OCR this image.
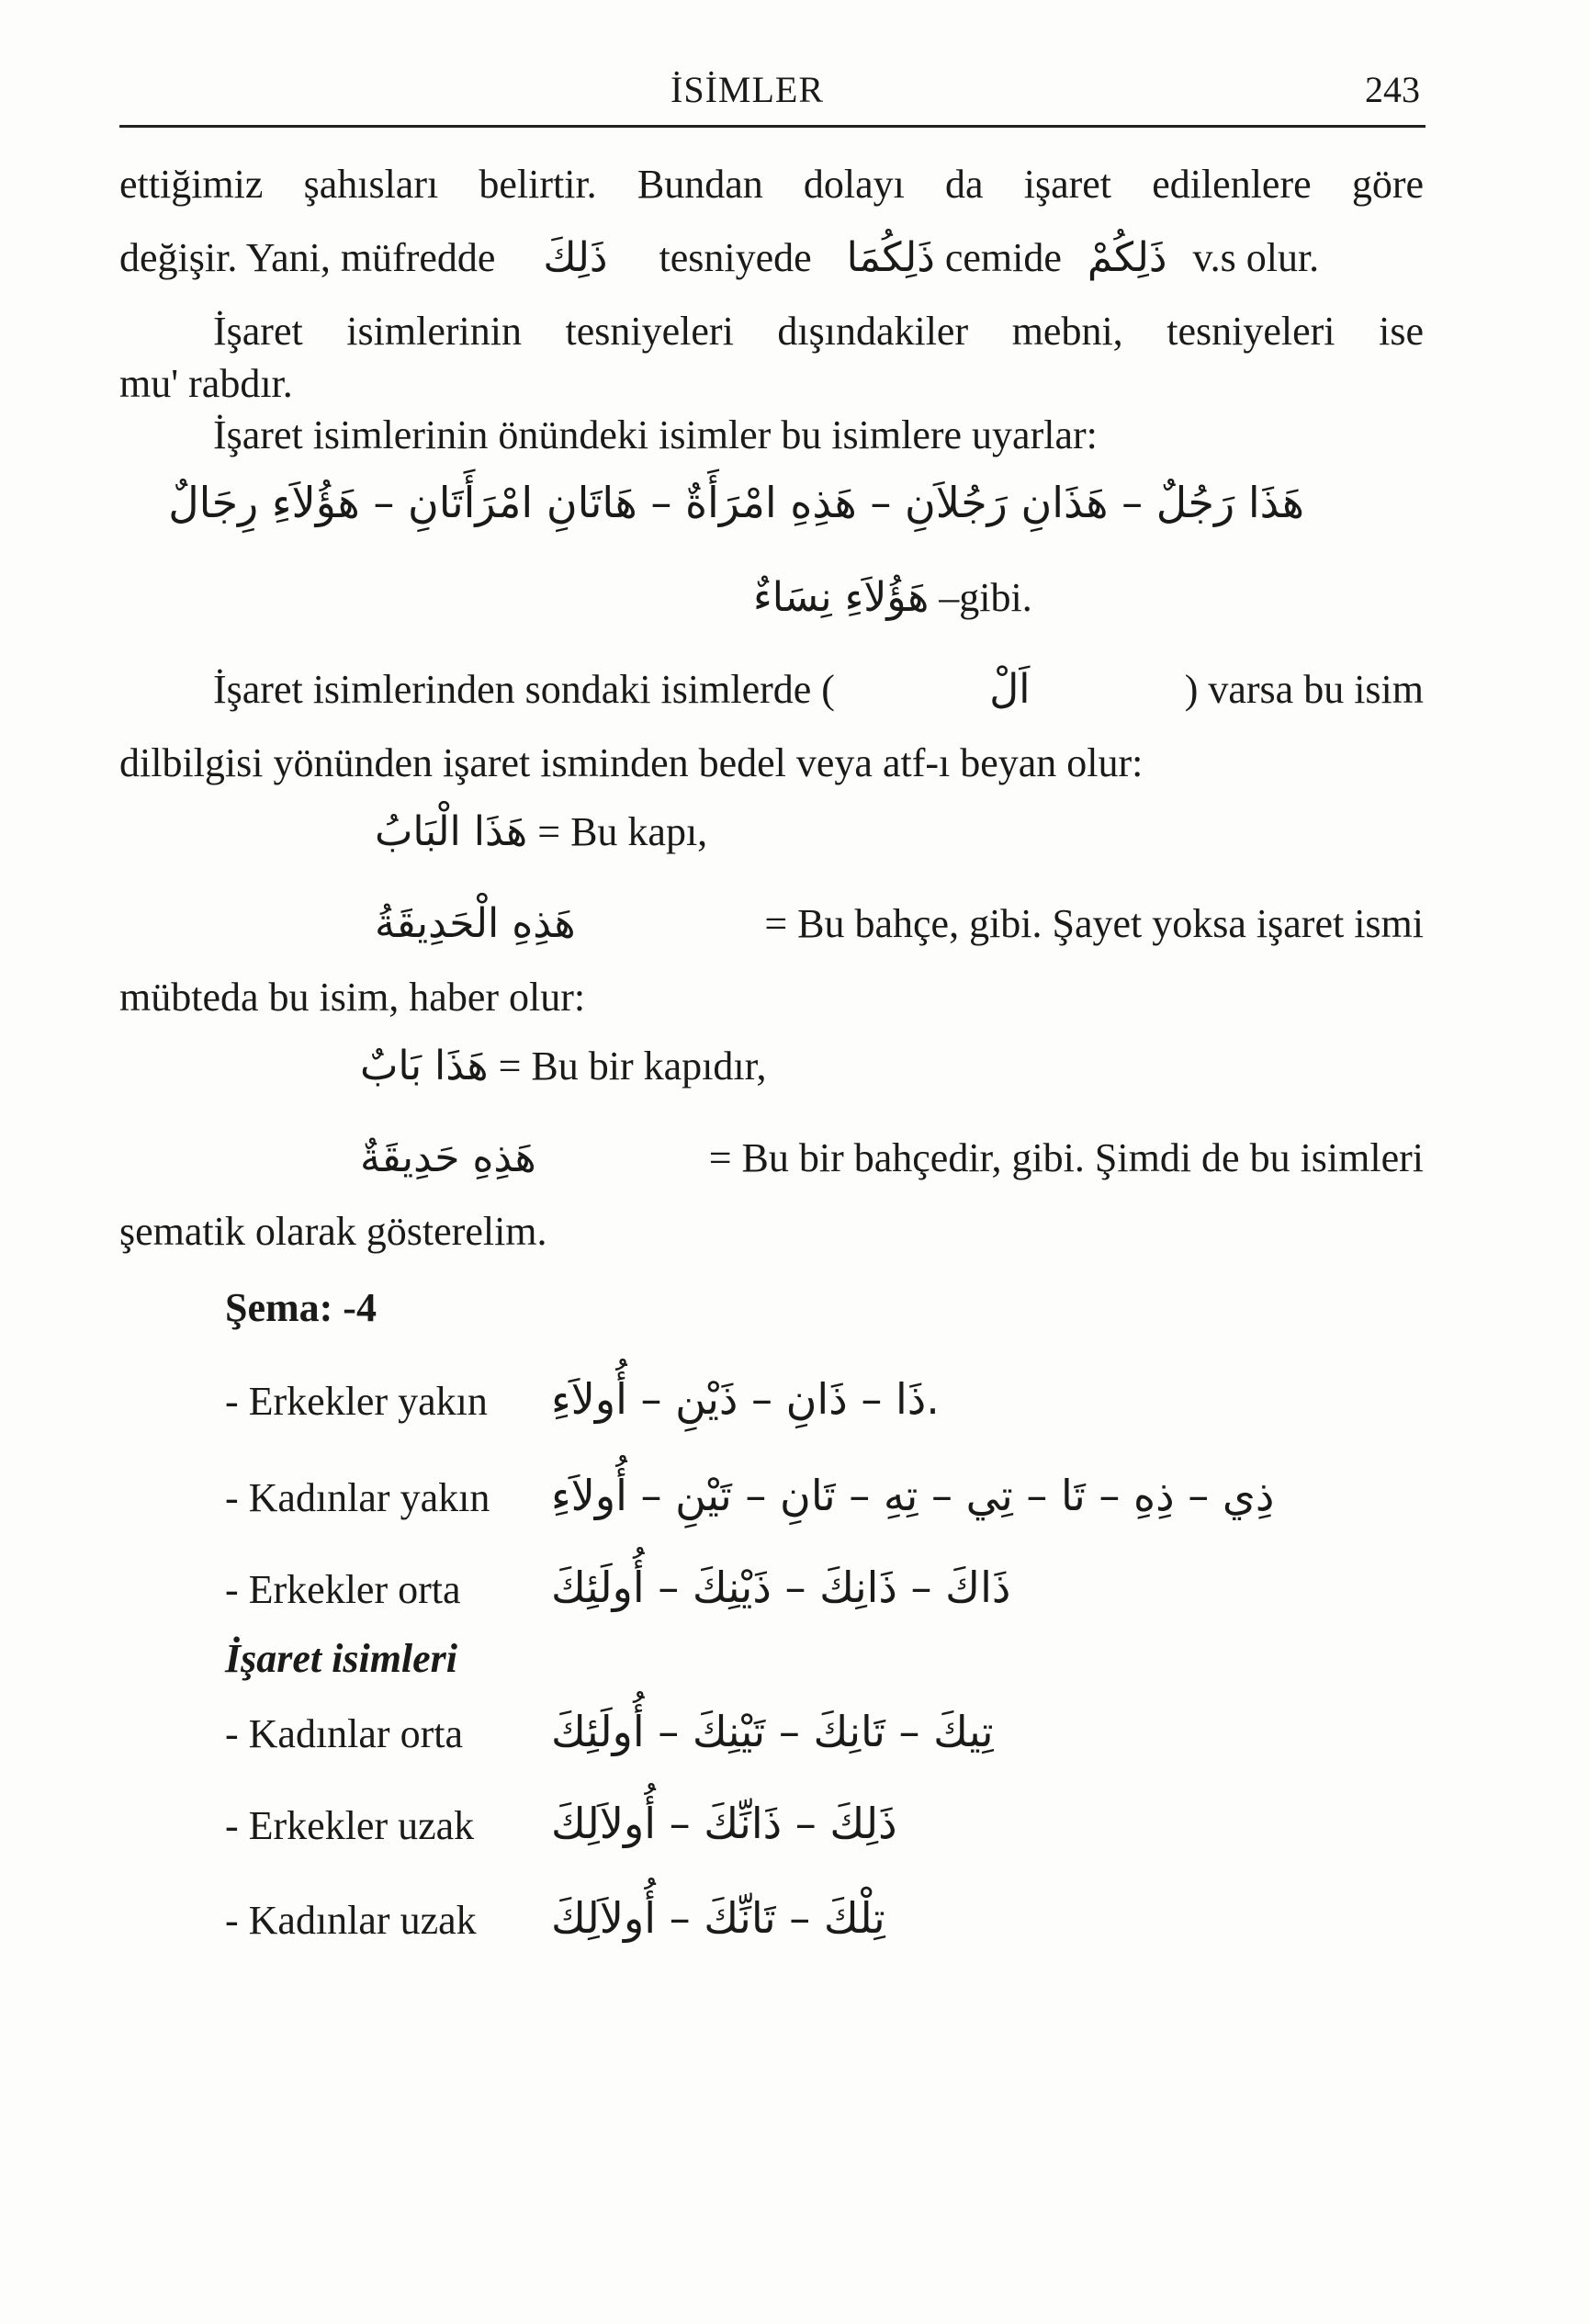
İSİMLER	243
ettiğimiz şahısları belirtir. Bundan dolayı da işaret edilenlere göre
değişir. Yani, müfredde ذَلِكَ tesniyede ذَلِكُمَا cemide ذَلِكُمْ v.s olur.
İşaret isimlerinin tesniyeleri dışındakiler mebni, tesniyeleri ise
mu' rabdır.
İşaret isimlerinin önündeki isimler bu isimlere uyarlar:
هَذَا رَجُلٌ – هَذَانِ رَجُلاَنِ – هَذِهِ امْرَأَةٌ – هَاتَانِ امْرَأَتَانِ – هَؤُلاَءِ رِجَالٌ
هَؤُلاَءِ نِسَاءٌ –gibi.
İşaret isimlerinden sondaki isimlerde (	اَلْ	) varsa bu isim
dilbilgisi yönünden işaret isminden bedel veya atf-ı beyan olur:
هَذَا الْبَابُ = Bu kapı,
هَذِهِ الْحَدِيقَةُ	= Bu bahçe, gibi. Şayet yoksa işaret ismi
mübteda bu isim, haber olur:
هَذَا بَابٌ = Bu bir kapıdır,
هَذِهِ حَدِيقَةٌ	= Bu bir bahçedir, gibi. Şimdi de bu isimleri
şematik olarak gösterelim.
Şema: -4
- Erkekler yakın ذَا – ذَانِ – ذَيْنِ – أُولاَءِ.
- Kadınlar yakın ذِي – ذِهِ – تَا – تِي – تِهِ – تَانِ – تَيْنِ – أُولاَءِ
- Erkekler orta ذَاكَ – ذَانِكَ – ذَيْنِكَ – أُولَئِكَ
İşaret isimleri
- Kadınlar orta تِيكَ – تَانِكَ – تَيْنِكَ – أُولَئِكَ
- Erkekler uzak ذَلِكَ – ذَانِّكَ – أُولاَلِكَ
- Kadınlar uzak تِلْكَ – تَانِّكَ – أُولاَلِكَ
